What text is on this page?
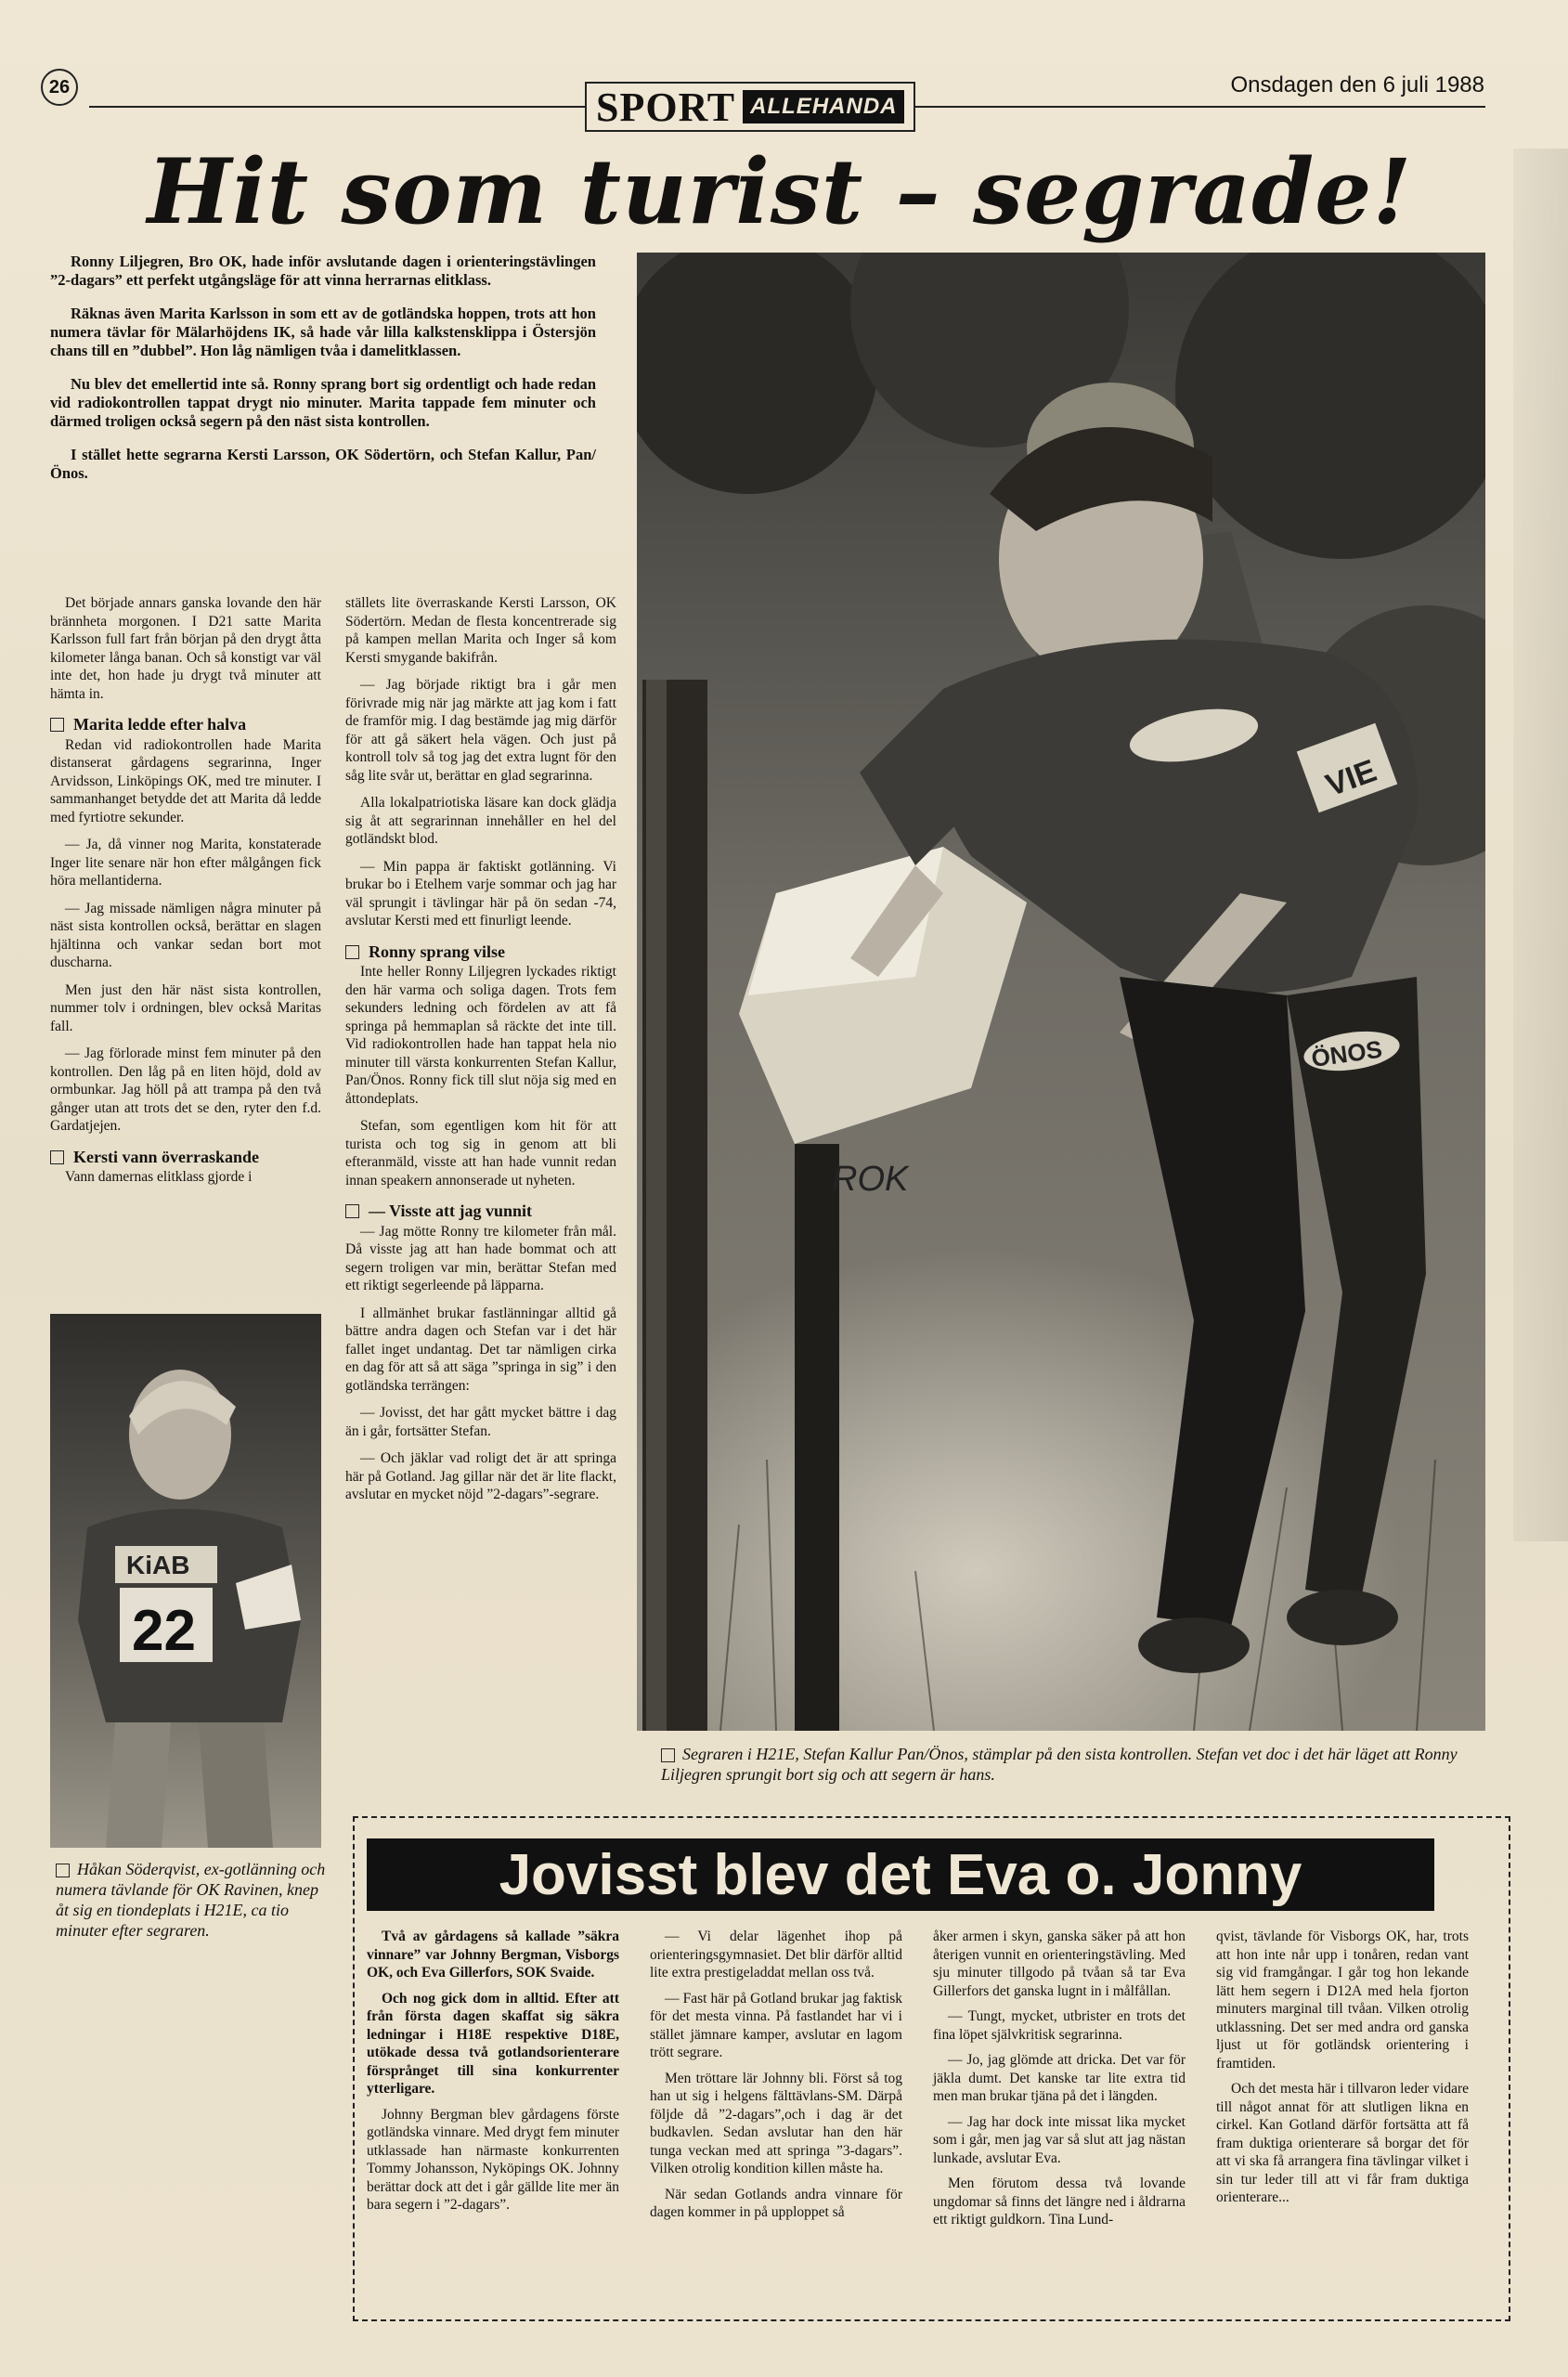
26	SPORT ALLEHANDA
Onsdagen den 6 juli 1988
Hit som turist – segrade!

Ronny Liljegren, Bro OK, hade inför avslutande dagen i orienteringstävlingen ”2-dagars” ett perfekt utgångsläge för att vinna herrarnas elitklass.

Räknas även Marita Karlsson in som ett av de gotländska hoppen, trots att hon numera tävlar för Mälarhöjdens IK, så hade vår lilla kalkstensklippa i Östersjön chans till en ”dubbel”. Hon låg nämligen tvåa i damelitklassen.

Nu blev det emellertid inte så. Ronny sprang bort sig ordentligt och hade redan vid radiokontrollen tappat drygt nio minuter. Marita tappade fem minuter och därmed troligen också segern på den näst sista kontrollen.

I stället hette segrarna Kersti Larsson, OK Södertörn, och Stefan Kallur, Pan/Önos.

Det började annars ganska lovande den här brännheta morgonen. I D21 satte Marita Karlsson full fart från början på den drygt åtta kilometer långa banan. Och så konstigt var väl inte det, hon hade ju drygt två minuter att hämta in.

Marita ledde efter halva

Redan vid radiokontrollen hade Marita distanserat gårdagens segrarinna, Inger Arvidsson, Linköpings OK, med tre minuter. I sammanhanget betydde det att Marita då ledde med fyrtiotre sekunder.

— Ja, då vinner nog Marita, konstaterade Inger lite senare när hon efter målgången fick höra mellantiderna.

— Jag missade nämligen några minuter på näst sista kontrollen också, berättar en slagen hjältinna och vankar sedan bort mot duscharna.

Men just den här näst sista kontrollen, nummer tolv i ordningen, blev också Maritas fall.

— Jag förlorade minst fem minuter på den kontrollen. Den låg på en liten höjd, dold av ormbunkar. Jag höll på att trampa på den två gånger utan att trots det se den, ryter den f.d. Gardatjejen.

Kersti vann överraskande

Vann damernas elitklass gjorde i

ställets lite överraskande Kersti Larsson, OK Södertörn. Medan de flesta koncentrerade sig på kampen mellan Marita och Inger så kom Kersti smygande bakifrån.

— Jag började riktigt bra i går men förivrade mig när jag märkte att jag kom i fatt de framför mig. I dag bestämde jag mig därför för att gå säkert hela vägen. Och just på kontroll tolv så tog jag det extra lugnt för den såg lite svår ut, berättar en glad segrarinna.

Alla lokalpatriotiska läsare kan dock glädja sig åt att segrarinnan innehåller en hel del gotländskt blod.

— Min pappa är faktiskt gotlänning. Vi brukar bo i Etelhem varje sommar och jag har väl sprungit i tävlingar här på ön sedan -74, avslutar Kersti med ett finurligt leende.

Ronny sprang vilse

Inte heller Ronny Liljegren lyckades riktigt den här varma och soliga dagen. Trots fem sekunders ledning och fördelen av att få springa på hemmaplan så räckte det inte till. Vid radiokontrollen hade han tappat hela nio minuter till värsta konkurrenten Stefan Kallur, Pan/Önos. Ronny fick till slut nöja sig med en åttondeplats.

Stefan, som egentligen kom hit för att turista och tog sig in genom att bli efteranmäld, visste att han hade vunnit redan innan speakern annonserade ut nyheten.

— Visste att jag vunnit

— Jag mötte Ronny tre kilometer från mål. Då visste jag att han hade bommat och att segern troligen var min, berättar Stefan med ett riktigt segerleende på läpparna.

I allmänhet brukar fastlänningar alltid gå bättre andra dagen och Stefan var i det här fallet inget undantag. Det tar nämligen cirka en dag för att så att säga ”springa in sig” i den gotländska terrängen:

— Jovisst, det har gått mycket bättre i dag än i går, fortsätter Stefan.

— Och jäklar vad roligt det är att springa här på Gotland. Jag gillar när det är lite flackt, avslutar en mycket nöjd ”2-dagars”-segrare.

ROK
VIE
ÖNOS
Segraren i H21E, Stefan Kallur Pan/Önos, stämplar på den sista kontrollen. Stefan vet doc i det här läget att Ronny Liljegren sprungit bort sig och att segern är hans.
KiAB
22
Håkan Söderqvist, ex-gotlänning och numera tävlande för OK Ravinen, knep åt sig en tiondeplats i H21E, ca tio minuter efter segraren.
Jovisst blev det Eva o. Jonny

Två av gårdagens så kallade ”säkra vinnare” var Johnny Bergman, Visborgs OK, och Eva Gillerfors, SOK Svaide.

Och nog gick dom in alltid. Efter att från första dagen skaffat sig säkra ledningar i H18E respektive D18E, utökade dessa två gotlandsorienterare försprånget till sina konkurrenter ytterligare.

Johnny Bergman blev gårdagens förste gotländska vinnare. Med drygt fem minuter utklassade han närmaste konkurrenten Tommy Johansson, Nyköpings OK. Johnny berättar dock att det i går gällde lite mer än bara segern i ”2-dagars”.

— Vi delar lägenhet ihop på orienteringsgymnasiet. Det blir därför alltid lite extra prestigeladdat mellan oss två.

— Fast här på Gotland brukar jag faktisk för det mesta vinna. På fastlandet har vi i stället jämnare kamper, avslutar en lagom trött segrare.

Men tröttare lär Johnny bli. Först så tog han ut sig i helgens fälttävlans-SM. Därpå följde då ”2-dagars”,och i dag är det budkavlen. Sedan avslutar han den här tunga veckan med att springa ”3-dagars”. Vilken otrolig kondition killen måste ha.

När sedan Gotlands andra vinnare för dagen kommer in på upploppet så

åker armen i skyn, ganska säker på att hon återigen vunnit en orienteringstävling. Med sju minuter tillgodo på tvåan så tar Eva Gillerfors det ganska lugnt in i målfållan.

— Tungt, mycket, utbrister en trots det fina löpet självkritisk segrarinna.

— Jo, jag glömde att dricka. Det var för jäkla dumt. Det kanske tar lite extra tid men man brukar tjäna på det i längden.

— Jag har dock inte missat lika mycket som i går, men jag var så slut att jag nästan lunkade, avslutar Eva.

Men förutom dessa två lovande ungdomar så finns det längre ned i åldrarna ett riktigt guldkorn. Tina Lund-

qvist, tävlande för Visborgs OK, har, trots att hon inte når upp i tonåren, redan vant sig vid framgångar. I går tog hon lekande lätt hem segern i D12A med hela fjorton minuters marginal till tvåan. Vilken otrolig utklassning. Det ser med andra ord ganska ljust ut för gotländsk orientering i framtiden.

Och det mesta här i tillvaron leder vidare till något annat för att slutligen likna en cirkel. Kan Gotland därför fortsätta att få fram duktiga orienterare så borgar det för att vi ska få arrangera fina tävlingar vilket i sin tur leder till att vi får fram duktiga orienterare...
